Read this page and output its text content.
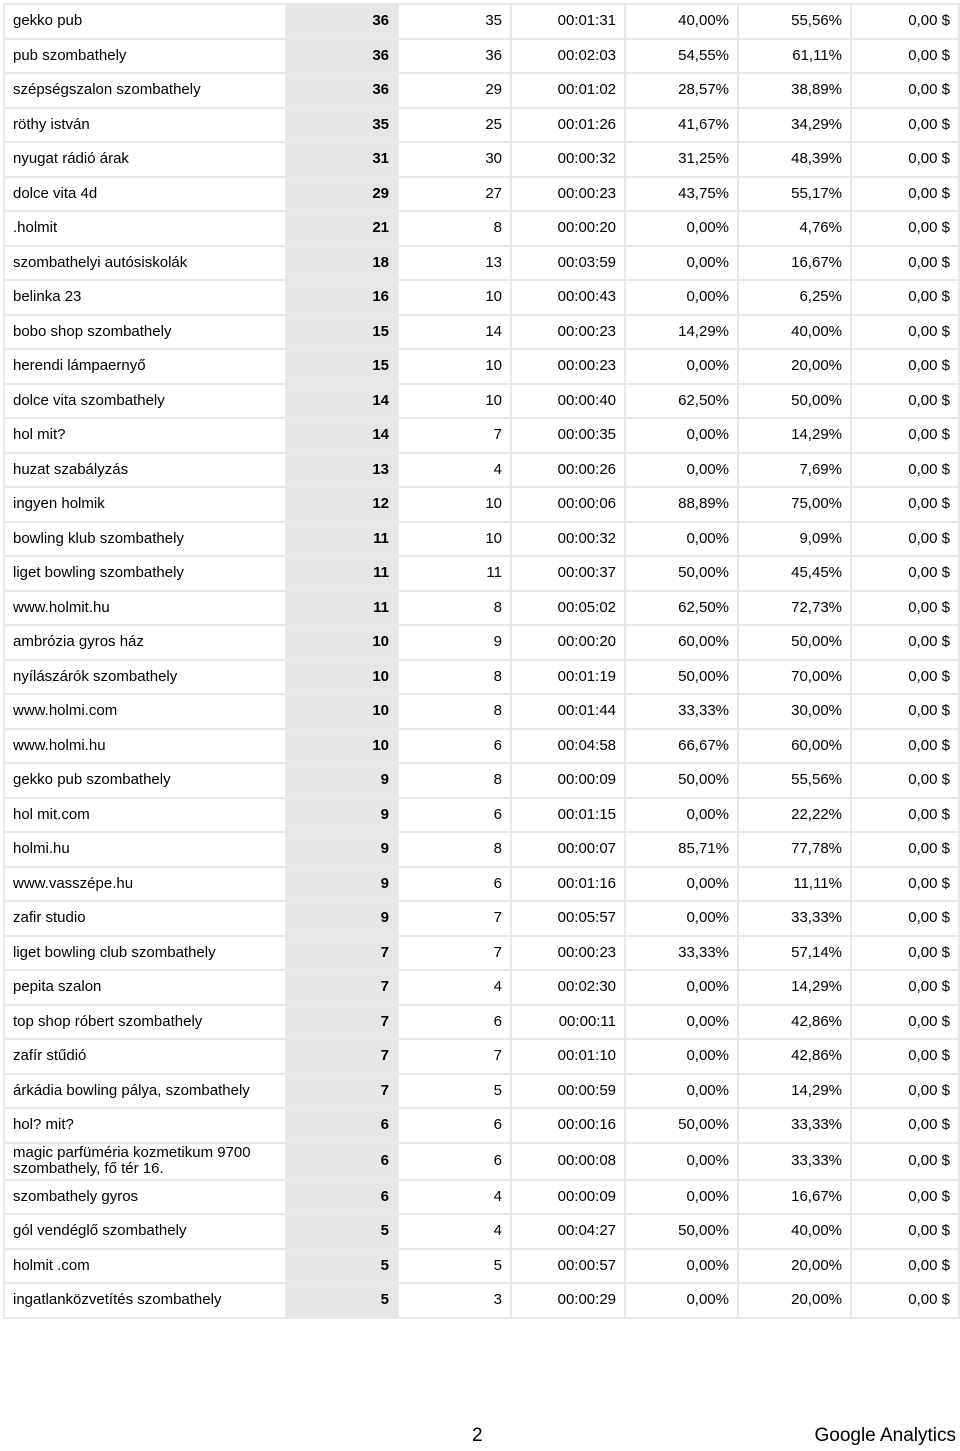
gekko pub	36	35	00:01:31	40,00%	55,56%	0,00 $
pub szombathely	36	36	00:02:03	54,55%	61,11%	0,00 $
szépségszalon szombathely	36	29	00:01:02	28,57%	38,89%	0,00 $
röthy istván	35	25	00:01:26	41,67%	34,29%	0,00 $
nyugat rádió árak	31	30	00:00:32	31,25%	48,39%	0,00 $
dolce vita 4d	29	27	00:00:23	43,75%	55,17%	0,00 $
.holmit	21	8	00:00:20	0,00%	4,76%	0,00 $
szombathelyi autósiskolák	18	13	00:03:59	0,00%	16,67%	0,00 $
belinka 23	16	10	00:00:43	0,00%	6,25%	0,00 $
bobo shop szombathely	15	14	00:00:23	14,29%	40,00%	0,00 $
herendi lámpaernyő	15	10	00:00:23	0,00%	20,00%	0,00 $
dolce vita szombathely	14	10	00:00:40	62,50%	50,00%	0,00 $
hol mit?	14	7	00:00:35	0,00%	14,29%	0,00 $
huzat szabályzás	13	4	00:00:26	0,00%	7,69%	0,00 $
ingyen holmik	12	10	00:00:06	88,89%	75,00%	0,00 $
bowling klub szombathely	11	10	00:00:32	0,00%	9,09%	0,00 $
liget bowling szombathely	11	11	00:00:37	50,00%	45,45%	0,00 $
www.holmit.hu	11	8	00:05:02	62,50%	72,73%	0,00 $
ambrózia gyros ház	10	9	00:00:20	60,00%	50,00%	0,00 $
nyílászárók szombathely	10	8	00:01:19	50,00%	70,00%	0,00 $
www.holmi.com	10	8	00:01:44	33,33%	30,00%	0,00 $
www.holmi.hu	10	6	00:04:58	66,67%	60,00%	0,00 $
gekko pub szombathely	9	8	00:00:09	50,00%	55,56%	0,00 $
hol mit.com	9	6	00:01:15	0,00%	22,22%	0,00 $
holmi.hu	9	8	00:00:07	85,71%	77,78%	0,00 $
www.vasszépe.hu	9	6	00:01:16	0,00%	11,11%	0,00 $
zafir studio	9	7	00:05:57	0,00%	33,33%	0,00 $
liget bowling club szombathely	7	7	00:00:23	33,33%	57,14%	0,00 $
pepita szalon	7	4	00:02:30	0,00%	14,29%	0,00 $
top shop róbert szombathely	7	6	00:00:11	0,00%	42,86%	0,00 $
zafír stűdió	7	7	00:01:10	0,00%	42,86%	0,00 $
árkádia bowling pálya, szombathely	7	5	00:00:59	0,00%	14,29%	0,00 $
hol? mit?	6	6	00:00:16	50,00%	33,33%	0,00 $
magic parfüméria kozmetikum 9700 szombathely, fő tér 16.	6	6	00:00:08	0,00%	33,33%	0,00 $
szombathely gyros	6	4	00:00:09	0,00%	16,67%	0,00 $
gól vendéglő szombathely	5	4	00:04:27	50,00%	40,00%	0,00 $
holmit .com	5	5	00:00:57	0,00%	20,00%	0,00 $
ingatlanközvetítés szombathely	5	3	00:00:29	0,00%	20,00%	0,00 $
2	Google Analytics
